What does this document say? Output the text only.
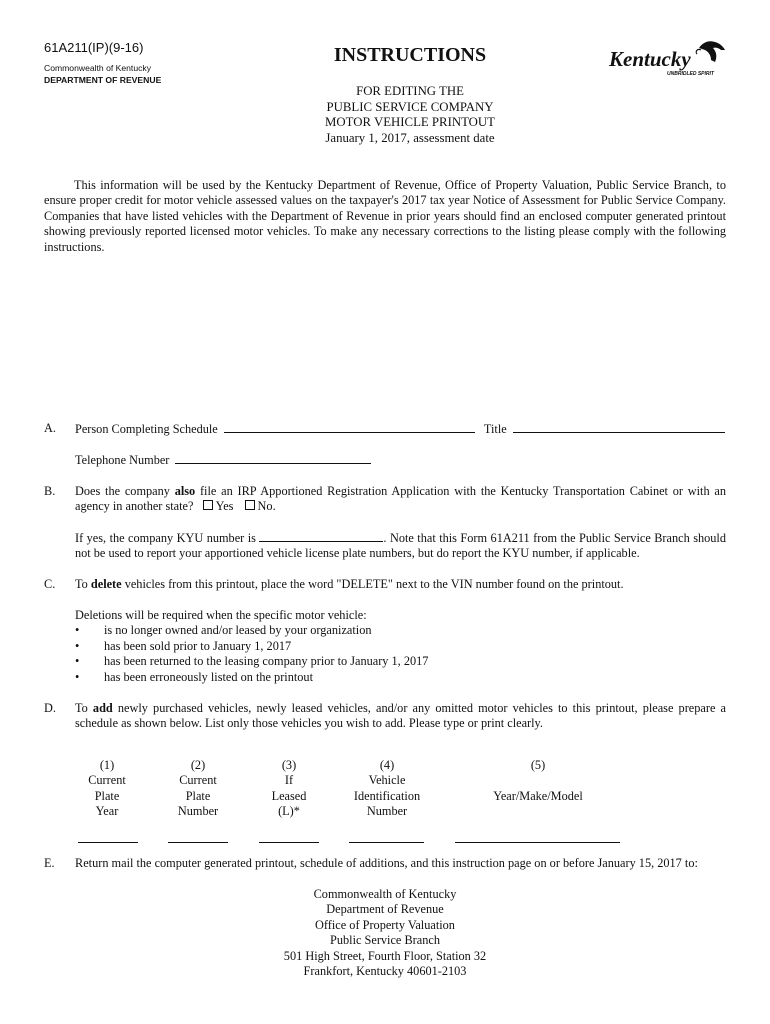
61A211(IP)(9-16)
Commonwealth of Kentucky
DEPARTMENT OF REVENUE
INSTRUCTIONS
FOR EDITING THE
PUBLIC SERVICE COMPANY
MOTOR VEHICLE PRINTOUT
January 1, 2017, assessment date
Kentucky
UNBRIDLED SPIRIT
This information will be used by the Kentucky Department of Revenue, Office of Property Valuation, Public Service Branch, to ensure proper credit for motor vehicle assessed values on the taxpayer's 2017 tax year Notice of Assessment for Public Service Company. Companies that have listed vehicles with the Department of Revenue in prior years should find an enclosed computer generated printout showing previously reported licensed motor vehicles. To make any necessary corrections to the listing please comply with the following instructions.
A. Person Completing Schedule	Title
Telephone Number
B. Does the company also file an IRP Apportioned Registration Application with the Kentucky Transportation Cabinet or with an agency in another state? Yes No.
If yes, the company KYU number is	. Note that this Form 61A211 from the Public Service Branch should not be used to report your apportioned vehicle license plate numbers, but do report the KYU number, if applicable.
C. To delete vehicles from this printout, place the word "DELETE" next to the VIN number found on the printout.
Deletions will be required when the specific motor vehicle:
• is no longer owned and/or leased by your organization
• has been sold prior to January 1, 2017
• has been returned to the leasing company prior to January 1, 2017
• has been erroneously listed on the printout
D. To add newly purchased vehicles, newly leased vehicles, and/or any omitted motor vehicles to this printout, please prepare a schedule as shown below. List only those vehicles you wish to add. Please type or print clearly.
(1)
Current
Plate
Year
(2)
Current
Plate
Number
(3)
If
Leased
(L)*
(4)
Vehicle
Identification
Number
(5)
Year/Make/Model
E. Return mail the computer generated printout, schedule of additions, and this instruction page on or before January 15, 2017 to:
Commonwealth of Kentucky
Department of Revenue
Office of Property Valuation
Public Service Branch
501 High Street, Fourth Floor, Station 32
Frankfort, Kentucky 40601-2103
